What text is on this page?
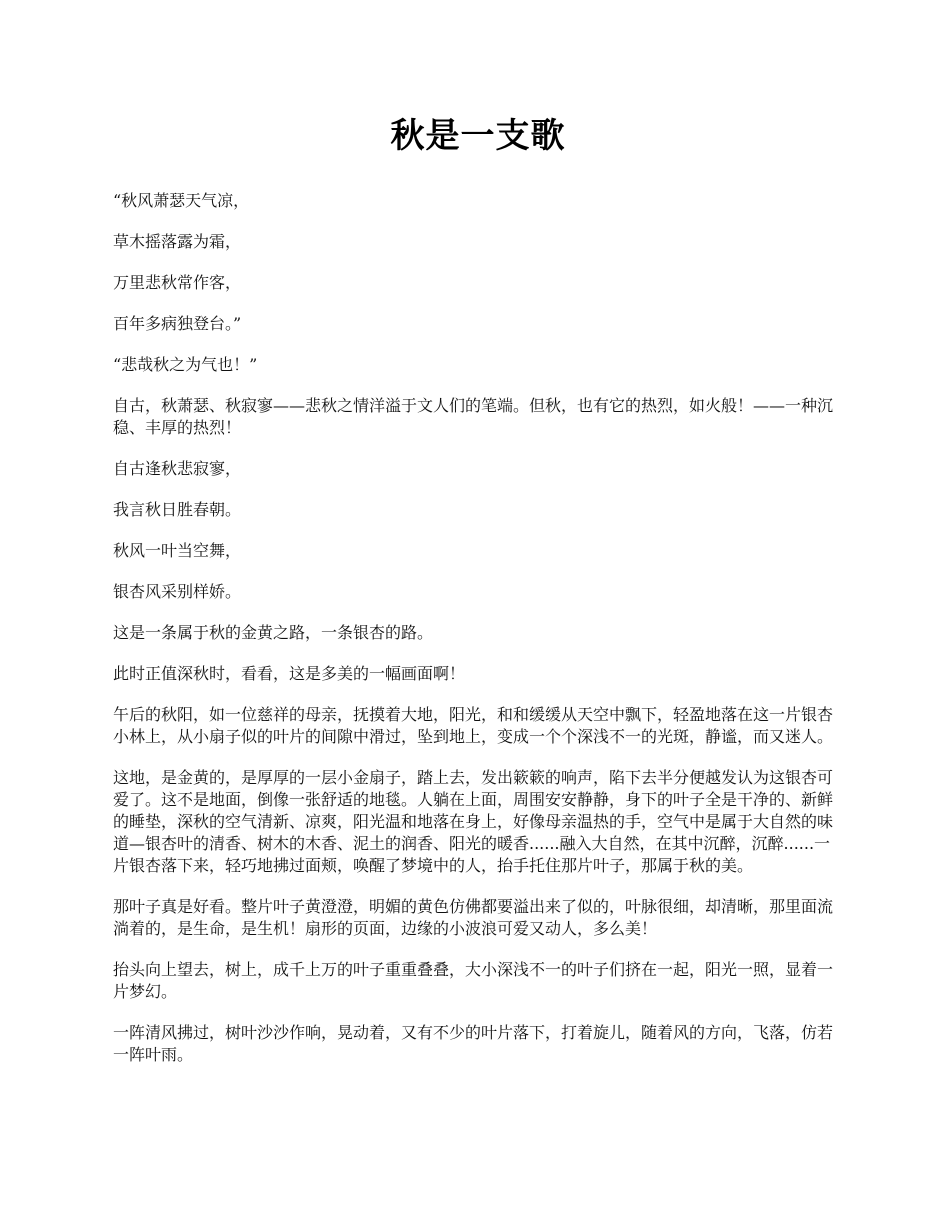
秋是一支歌

“秋风萧瑟天气凉，

草木摇落露为霜，

万里悲秋常作客，

百年多病独登台。”

“悲哉秋之为气也！”

自古，秋萧瑟、秋寂寥——悲秋之情洋溢于文人们的笔端。但秋，也有它的热烈，如火般！——一种沉稳、丰厚的热烈！

自古逢秋悲寂寥，

我言秋日胜春朝。

秋风一叶当空舞，

银杏风采别样娇。

这是一条属于秋的金黄之路，一条银杏的路。

此时正值深秋时，看看，这是多美的一幅画面啊！

午后的秋阳，如一位慈祥的母亲，抚摸着大地，阳光，和和缓缓从天空中飘下，轻盈地落在这一片银杏小林上，从小扇子似的叶片的间隙中滑过，坠到地上，变成一个个深浅不一的光斑，静谧，而又迷人。

这地，是金黄的，是厚厚的一层小金扇子，踏上去，发出簌簌的响声，陷下去半分便越发认为这银杏可爱了。这不是地面，倒像一张舒适的地毯。人躺在上面，周围安安静静，身下的叶子全是干净的、新鲜的睡垫，深秋的空气清新、凉爽，阳光温和地落在身上，好像母亲温热的手，空气中是属于大自然的味道—银杏叶的清香、树木的木香、泥土的润香、阳光的暖香......融入大自然，在其中沉醉，沉醉......一片银杏落下来，轻巧地拂过面颊，唤醒了梦境中的人，抬手托住那片叶子，那属于秋的美。

那叶子真是好看。整片叶子黄澄澄，明媚的黄色仿佛都要溢出来了似的，叶脉很细，却清晰，那里面流淌着的，是生命，是生机！扇形的页面，边缘的小波浪可爱又动人，多么美！

抬头向上望去，树上，成千上万的叶子重重叠叠，大小深浅不一的叶子们挤在一起，阳光一照，显着一片梦幻。

一阵清风拂过，树叶沙沙作响，晃动着，又有不少的叶片落下，打着旋儿，随着风的方向，飞落，仿若一阵叶雨。
